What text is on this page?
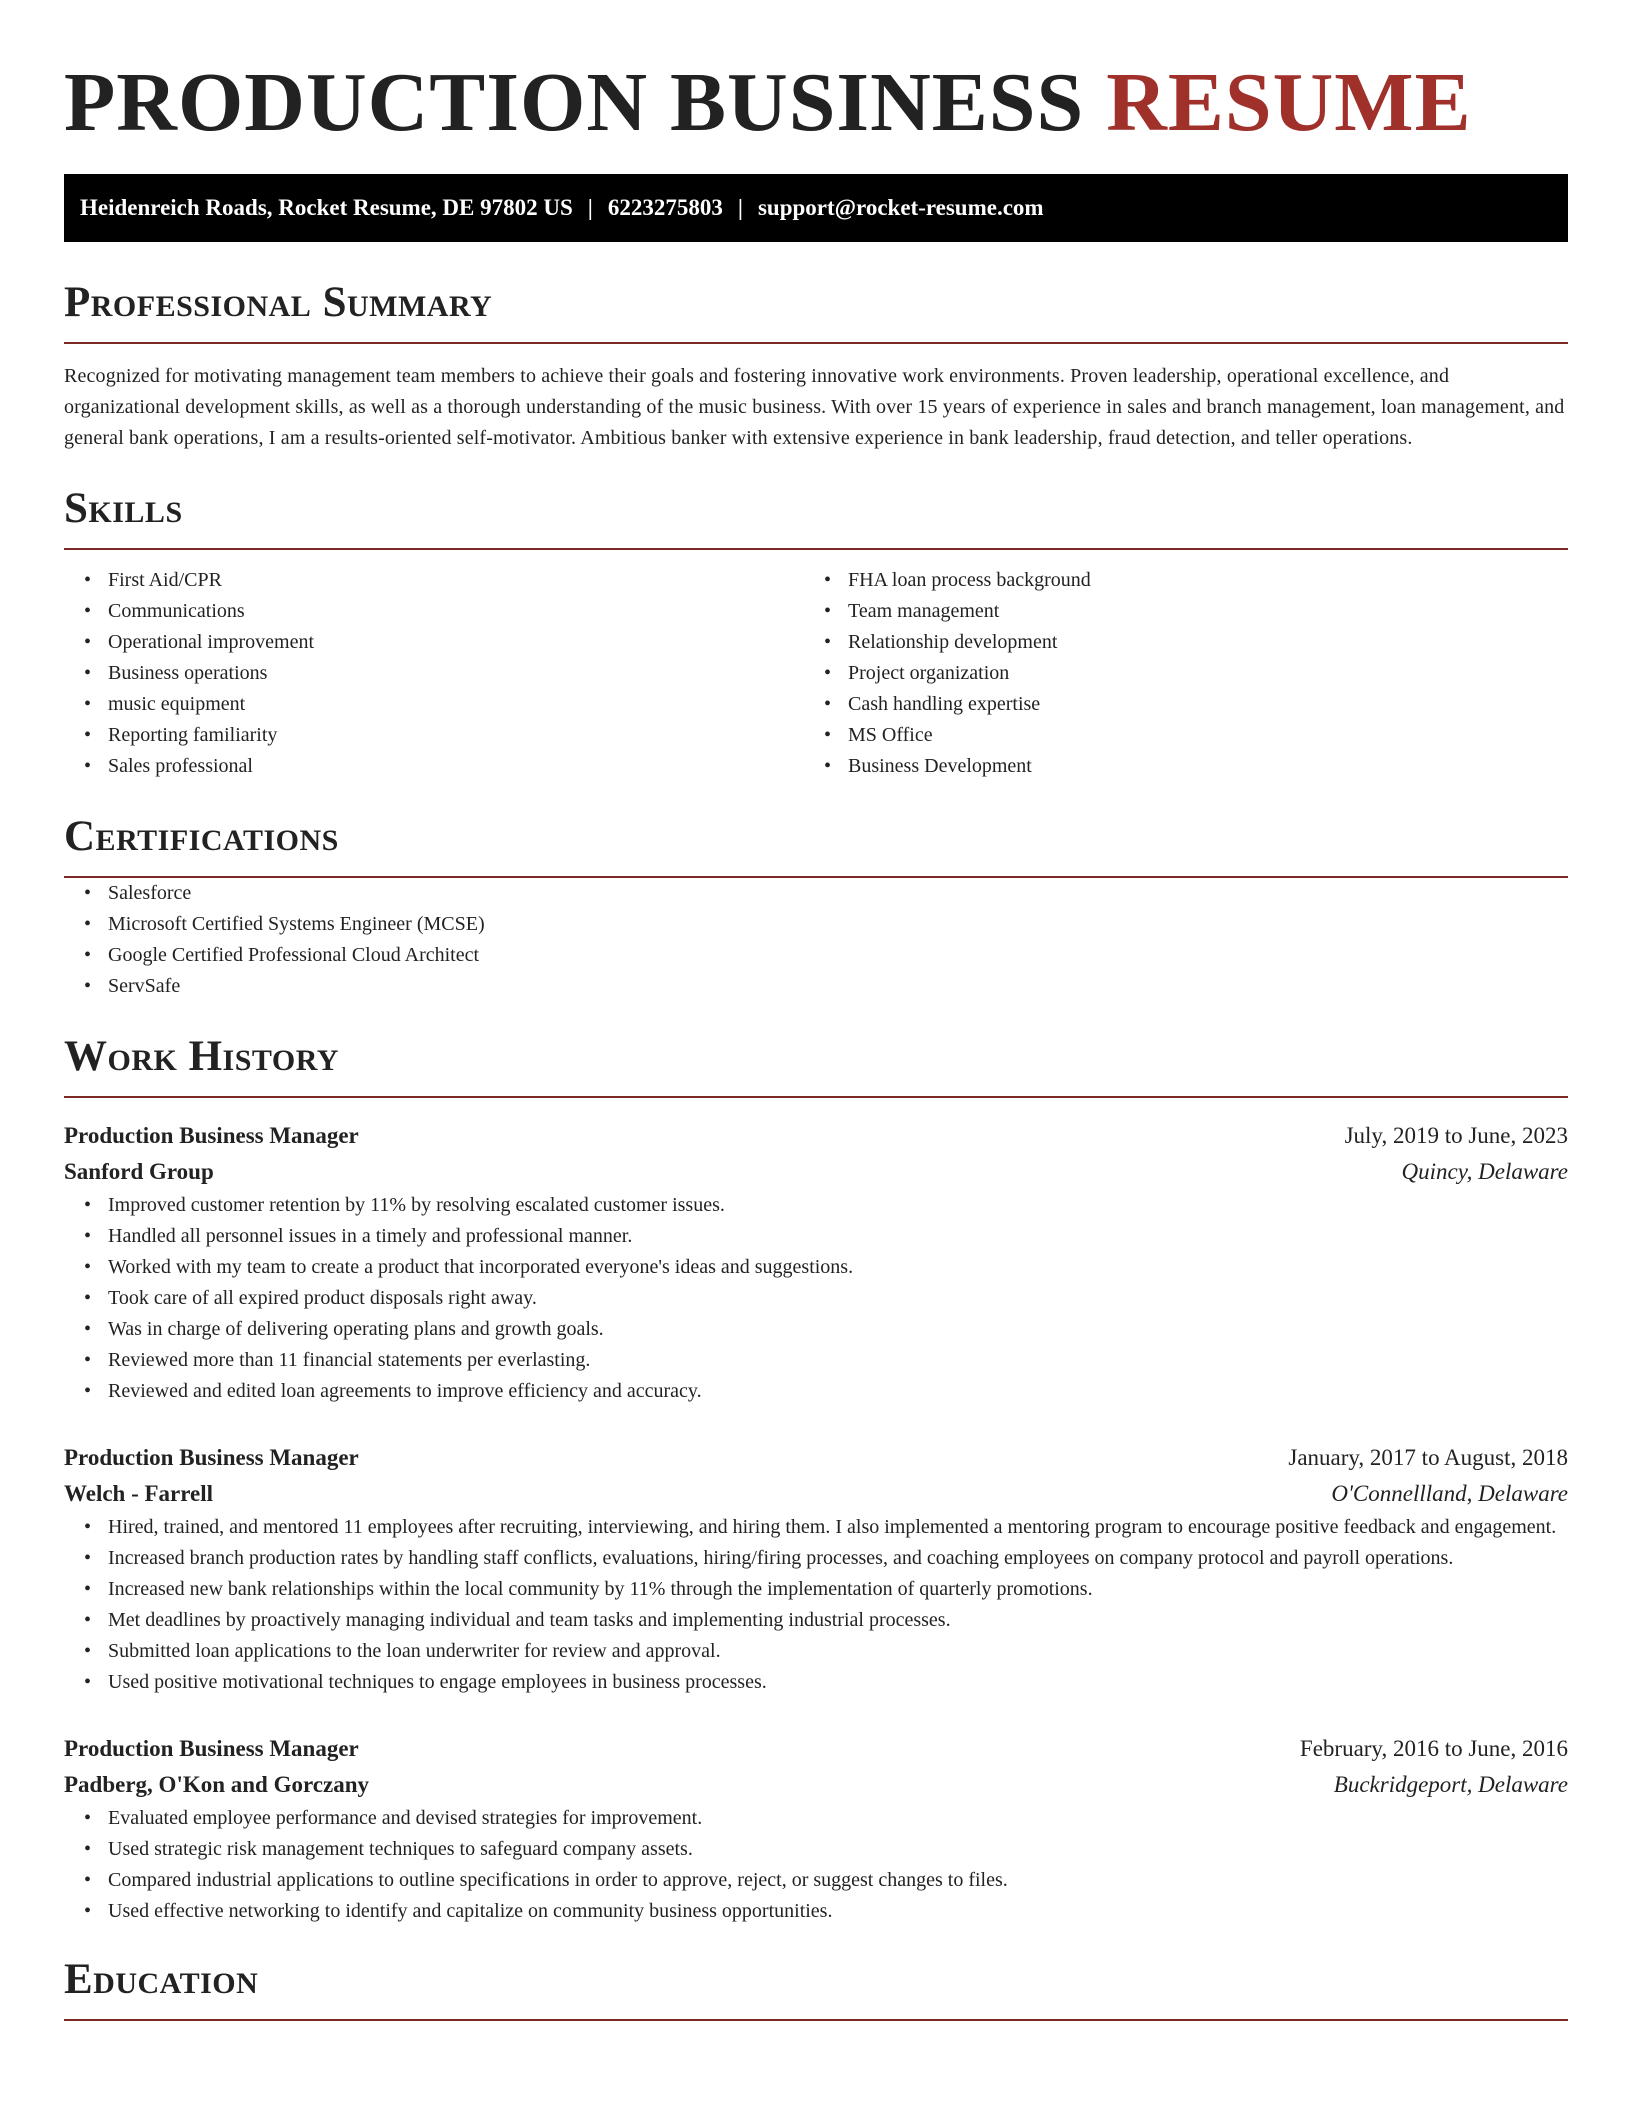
PRODUCTION BUSINESS RESUME
Heidenreich Roads, Rocket Resume, DE 97802 US | 6223275803 | support@rocket-resume.com
Professional Summary

Recognized for motivating management team members to achieve their goals and fostering innovative work environments. Proven leadership, operational excellence, and organizational development skills, as well as a thorough understanding of the music business. With over 15 years of experience in sales and branch management, loan management, and general bank operations, I am a results-oriented self-motivator. Ambitious banker with extensive experience in bank leadership, fraud detection, and teller operations.

Skills
• First Aid/CPR
• Communications
• Operational improvement
• Business operations
• music equipment
• Reporting familiarity
• Sales professional
• FHA loan process background
• Team management
• Relationship development
• Project organization
• Cash handling expertise
• MS Office
• Business Development
Certifications
• Salesforce
• Microsoft Certified Systems Engineer (MCSE)
• Google Certified Professional Cloud Architect
• ServSafe
Work History
Production Business Manager	July, 2019 to June, 2023
Sanford Group	Quincy, Delaware
• Improved customer retention by 11% by resolving escalated customer issues.
• Handled all personnel issues in a timely and professional manner.
• Worked with my team to create a product that incorporated everyone's ideas and suggestions.
• Took care of all expired product disposals right away.
• Was in charge of delivering operating plans and growth goals.
• Reviewed more than 11 financial statements per everlasting.
• Reviewed and edited loan agreements to improve efficiency and accuracy.
Production Business Manager	January, 2017 to August, 2018
Welch - Farrell	O'Connellland, Delaware
• Hired, trained, and mentored 11 employees after recruiting, interviewing, and hiring them. I also implemented a mentoring program to encourage positive feedback and engagement.
• Increased branch production rates by handling staff conflicts, evaluations, hiring/firing processes, and coaching employees on company protocol and payroll operations.
• Increased new bank relationships within the local community by 11% through the implementation of quarterly promotions.
• Met deadlines by proactively managing individual and team tasks and implementing industrial processes.
• Submitted loan applications to the loan underwriter for review and approval.
• Used positive motivational techniques to engage employees in business processes.
Production Business Manager	February, 2016 to June, 2016
Padberg, O'Kon and Gorczany	Buckridgeport, Delaware
• Evaluated employee performance and devised strategies for improvement.
• Used strategic risk management techniques to safeguard company assets.
• Compared industrial applications to outline specifications in order to approve, reject, or suggest changes to files.
• Used effective networking to identify and capitalize on community business opportunities.
Education
